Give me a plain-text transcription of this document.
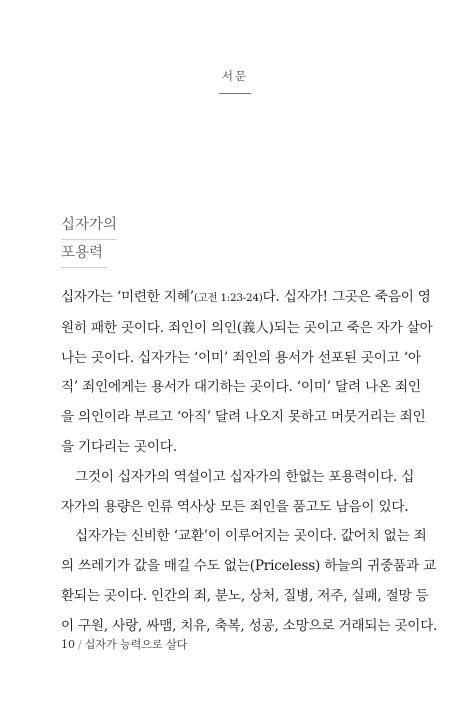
서문
십자가의
포용력

십자가는 ‘미련한 지혜’(고전 1:23-24)다. 십자가! 그곳은 죽음이 영

원히 패한 곳이다. 죄인이 의인(義人)되는 곳이고 죽은 자가 살아

나는 곳이다. 십자가는 ‘이미’ 죄인의 용서가 선포된 곳이고 ‘아

직’ 죄인에게는 용서가 대기하는 곳이다. ‘이미’ 달려 나온 죄인

을 의인이라 부르고 ‘아직’ 달려 나오지 못하고 머뭇거리는 죄인

을 기다리는 곳이다.

그것이 십자가의 역설이고 십자가의 한없는 포용력이다. 십

자가의 용량은 인류 역사상 모든 죄인을 품고도 남음이 있다.

십자가는 신비한 ‘교환’이 이루어지는 곳이다. 값어치 없는 죄

의 쓰레기가 값을 매길 수도 없는(Priceless) 하늘의 귀중품과 교

환되는 곳이다. 인간의 죄, 분노, 상처, 질병, 저주, 실패, 절망 등

이 구원, 사랑, 싸맴, 치유, 축복, 성공, 소망으로 거래되는 곳이다.

10 / 십자가 능력으로 살다
